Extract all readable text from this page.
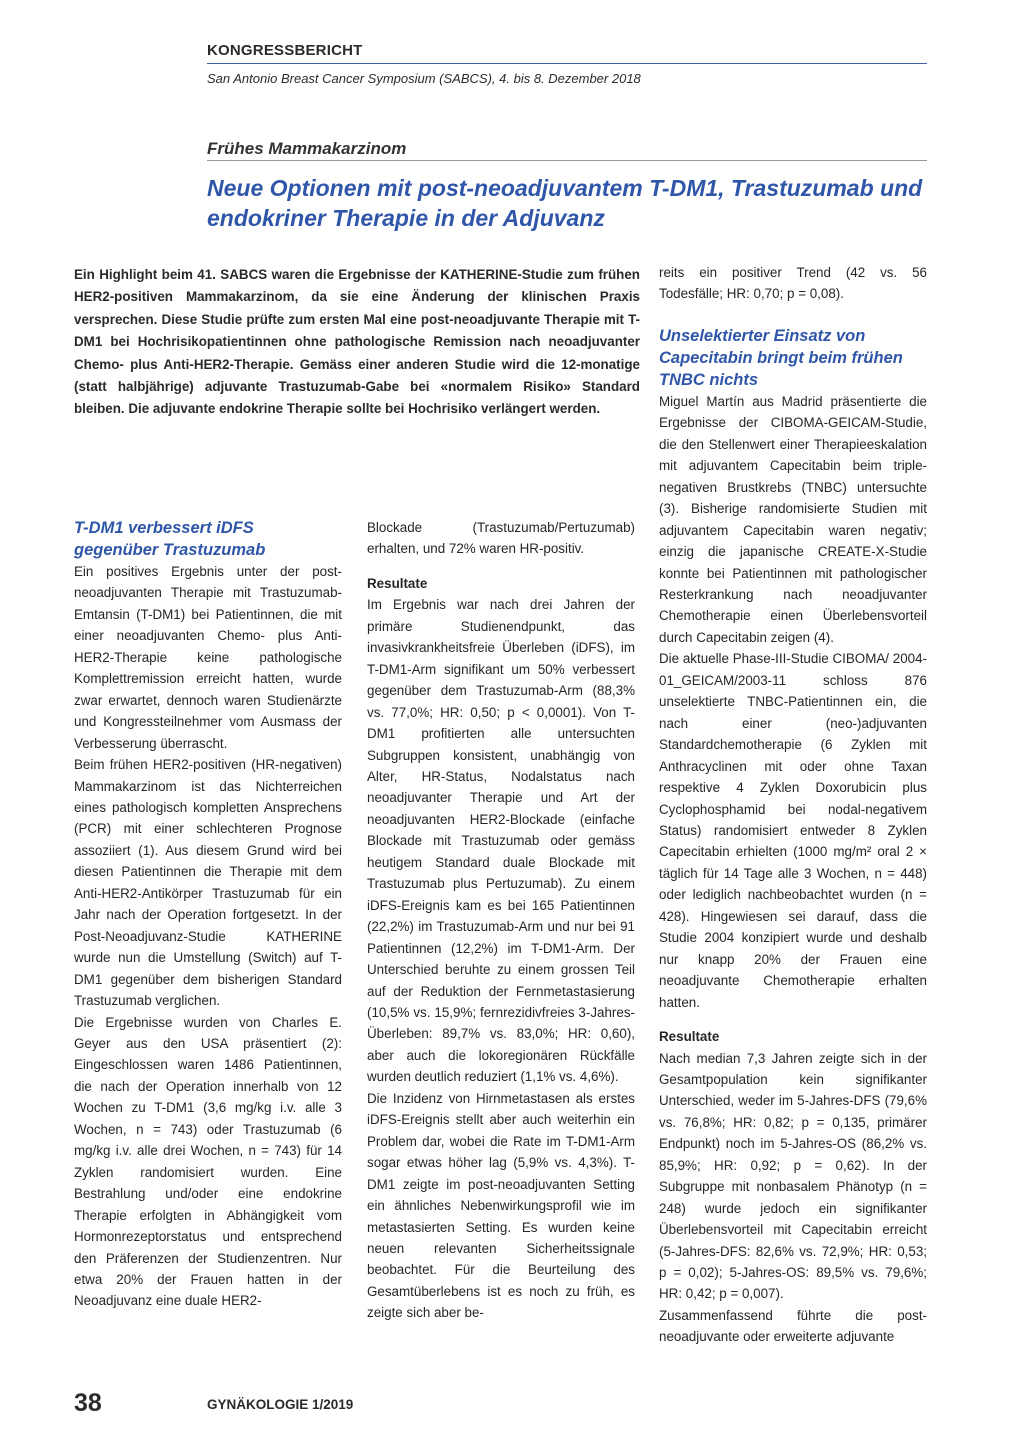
KONGRESSBERICHT
San Antonio Breast Cancer Symposium (SABCS), 4. bis 8. Dezember 2018
Frühes Mammakarzinom
Neue Optionen mit post-neoadjuvantem T-DM1, Trastuzumab und endokriner Therapie in der Adjuvanz
Ein Highlight beim 41. SABCS waren die Ergebnisse der KATHERINE-Studie zum frühen HER2-positiven Mammakarzinom, da sie eine Änderung der klinischen Praxis versprechen. Diese Studie prüfte zum ersten Mal eine post-neoadjuvante Therapie mit T-DM1 bei Hochrisikopatientinnen ohne pathologische Remission nach neoadjuvanter Chemo- plus Anti-HER2-Therapie. Gemäss einer anderen Studie wird die 12-monatige (statt halbjährige) adjuvante Trastuzumab-Gabe bei «normalem Risiko» Standard bleiben. Die adjuvante endokrine Therapie sollte bei Hochrisiko verlängert werden.

T-DM1 verbessert iDFS gegenüber Trastuzumab

Ein positives Ergebnis unter der post-neoadjuvanten Therapie mit Trastuzumab-Emtansin (T-DM1) bei Patientinnen, die mit einer neoadjuvanten Chemo- plus Anti-HER2-Therapie keine pathologische Komplettremission erreicht hatten, wurde zwar erwartet, dennoch waren Studienärzte und Kongressteilnehmer vom Ausmass der Verbesserung überrascht.

Beim frühen HER2-positiven (HR-negativen) Mammakarzinom ist das Nichterreichen eines pathologisch kompletten Ansprechens (PCR) mit einer schlechteren Prognose assoziiert (1). Aus diesem Grund wird bei diesen Patientinnen die Therapie mit dem Anti-HER2-Antikörper Trastuzumab für ein Jahr nach der Operation fortgesetzt. In der Post-Neoadjuvanz-Studie KATHERINE wurde nun die Umstellung (Switch) auf T-DM1 gegenüber dem bisherigen Standard Trastuzumab verglichen.

Die Ergebnisse wurden von Charles E. Geyer aus den USA präsentiert (2): Eingeschlossen waren 1486 Patientinnen, die nach der Operation innerhalb von 12 Wochen zu T-DM1 (3,6 mg/kg i.v. alle 3 Wochen, n = 743) oder Trastuzumab (6 mg/kg i.v. alle drei Wochen, n = 743) für 14 Zyklen randomisiert wurden. Eine Bestrahlung und/oder eine endokrine Therapie erfolgten in Abhängigkeit vom Hormonrezeptorstatus und entsprechend den Präferenzen der Studienzentren. Nur etwa 20% der Frauen hatten in der Neoadjuvanz eine duale HER2-

Blockade (Trastuzumab/Pertuzumab) erhalten, und 72% waren HR-positiv.

Resultate

Im Ergebnis war nach drei Jahren der primäre Studienendpunkt, das invasivkrankheitsfreie Überleben (iDFS), im T-DM1-Arm signifikant um 50% verbessert gegenüber dem Trastuzumab-Arm (88,3% vs. 77,0%; HR: 0,50; p < 0,0001). Von T-DM1 profitierten alle untersuchten Subgruppen konsistent, unabhängig von Alter, HR-Status, Nodalstatus nach neoadjuvanter Therapie und Art der neoadjuvanten HER2-Blockade (einfache Blockade mit Trastuzumab oder gemäss heutigem Standard duale Blockade mit Trastuzumab plus Pertuzumab). Zu einem iDFS-Ereignis kam es bei 165 Patientinnen (22,2%) im Trastuzumab-Arm und nur bei 91 Patientinnen (12,2%) im T-DM1-Arm. Der Unterschied beruhte zu einem grossen Teil auf der Reduktion der Fernmetastasierung (10,5% vs. 15,9%; fernrezidivfreies 3-Jahres-Überleben: 89,7% vs. 83,0%; HR: 0,60), aber auch die lokoregionären Rückfälle wurden deutlich reduziert (1,1% vs. 4,6%).

Die Inzidenz von Hirnmetastasen als erstes iDFS-Ereignis stellt aber auch weiterhin ein Problem dar, wobei die Rate im T-DM1-Arm sogar etwas höher lag (5,9% vs. 4,3%). T-DM1 zeigte im post-neoadjuvanten Setting ein ähnliches Nebenwirkungsprofil wie im metastasierten Setting. Es wurden keine neuen relevanten Sicherheitssignale beobachtet. Für die Beurteilung des Gesamtüberlebens ist es noch zu früh, es zeigte sich aber be-

reits ein positiver Trend (42 vs. 56 Todesfälle; HR: 0,70; p = 0,08).

Unselektierter Einsatz von Capecitabin bringt beim frühen TNBC nichts

Miguel Martín aus Madrid präsentierte die Ergebnisse der CIBOMA-GEICAM-Studie, die den Stellenwert einer Therapieeskalation mit adjuvantem Capecitabin beim triple-negativen Brustkrebs (TNBC) untersuchte (3). Bisherige randomisierte Studien mit adjuvantem Capecitabin waren negativ; einzig die japanische CREATE-X-Studie konnte bei Patientinnen mit pathologischer Resterkrankung nach neoadjuvanter Chemotherapie einen Überlebensvorteil durch Capecitabin zeigen (4).

Die aktuelle Phase-III-Studie CIBOMA/ 2004-01_GEICAM/2003-11 schloss 876 unselektierte TNBC-Patientinnen ein, die nach einer (neo-)adjuvanten Standardchemotherapie (6 Zyklen mit Anthracyclinen mit oder ohne Taxan respektive 4 Zyklen Doxorubicin plus Cyclophosphamid bei nodal-negativem Status) randomisiert entweder 8 Zyklen Capecitabin erhielten (1000 mg/m² oral 2 × täglich für 14 Tage alle 3 Wochen, n = 448) oder lediglich nachbeobachtet wurden (n = 428). Hingewiesen sei darauf, dass die Studie 2004 konzipiert wurde und deshalb nur knapp 20% der Frauen eine neoadjuvante Chemotherapie erhalten hatten.

Resultate

Nach median 7,3 Jahren zeigte sich in der Gesamtpopulation kein signifikanter Unterschied, weder im 5-Jahres-DFS (79,6% vs. 76,8%; HR: 0,82; p = 0,135, primärer Endpunkt) noch im 5-Jahres-OS (86,2% vs. 85,9%; HR: 0,92; p = 0,62). In der Subgruppe mit nonbasalem Phänotyp (n = 248) wurde jedoch ein signifikanter Überlebensvorteil mit Capecitabin erreicht (5-Jahres-DFS: 82,6% vs. 72,9%; HR: 0,53; p = 0,02); 5-Jahres-OS: 89,5% vs. 79,6%; HR: 0,42; p = 0,007).

Zusammenfassend führte die post-neoadjuvante oder erweiterte adjuvante

38	GYNÄKOLOGIE 1/2019
